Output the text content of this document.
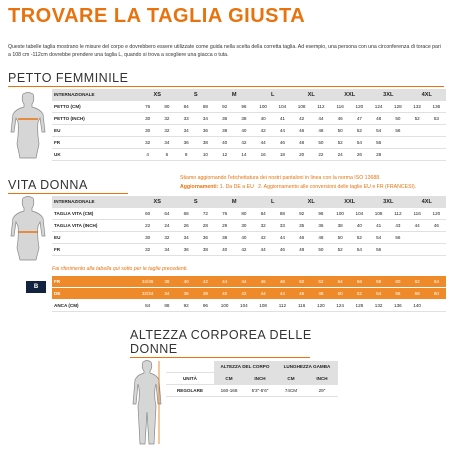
TROVARE LA TAGLIA GIUSTA
Queste tabelle taglia mostrano le misure del corpo e dovrebbero essere utilizzate come guida nella scelta della corretta taglia. Ad esempio, una persona con una circonferenza di torace pari a 108 cm -112cm dovrebbe prendere una taglia L, quando si trova a scegliere una giacca o tuta.
PETTO FEMMINILE
INTERNAZIONALE	XS		S		M		L		XL		XXL		3XL		4XL	
PETTO (CM)	76	80	84	88	92	96	100	104	108	112	116	120	124	128	132	136
PETTO (INCH)	30	32	33	34	36	38	40	41	42	44	46	47	48	50	52	53
EU	30	32	34	36	38	40	42	44	46	48	50	52	54	56		
FR	32	34	36	38	40	42	44	46	48	50	52	54	56			
UK	4	6	8	10	12	14	16	18	20	22	24	26	28			
VITA DONNA	Stiamo aggiornando l'etichettatura dei nostri pantaloni in linea con la norma ISO 13688.
Aggiornamenti: 1. Da DE a EU 2. Aggiornamento alle conversioni delle taglie EU e FR (FRANCESI).
INTERNAZIONALE	XS		S		M		L		XL		XXL		3XL		4XL	
TAGLIA VITA (CM)	60	64	68	72	76	80	84	88	92	96	100	104	108	112	116	120
TAGLIA VITA (INCH)	22	24	26	28	29	30	32	33	35	36	38	40	41	43	44	46
EU	30	32	34	36	38	40	42	44	46	48	50	52	54	56		
FR	32	34	36	38	40	42	44	46	48	50	52	54	56			
Fai riferimento alla tabella qui sotto per le taglie precedenti.
B
FR	34/36	38	40	42	44	44	46	48	50	52	54	56	58	60	62	64
DE	32/34	34	36	38	40	42	44	44	46	48	50	52	54	56	58	60
ANCA (CM)	84	88	92	96	100	104	108	112	116	120	124	128	132	136	140	
ALTEZZA CORPOREA DELLE
DONNE
	ALTEZZA DEL CORPO		LUNGHEZZA GAMBA	
UNITÀ	CM	INCH	CM	INCH
REGOLARE	160-168	5'3"-5'6"	74CM	29"
